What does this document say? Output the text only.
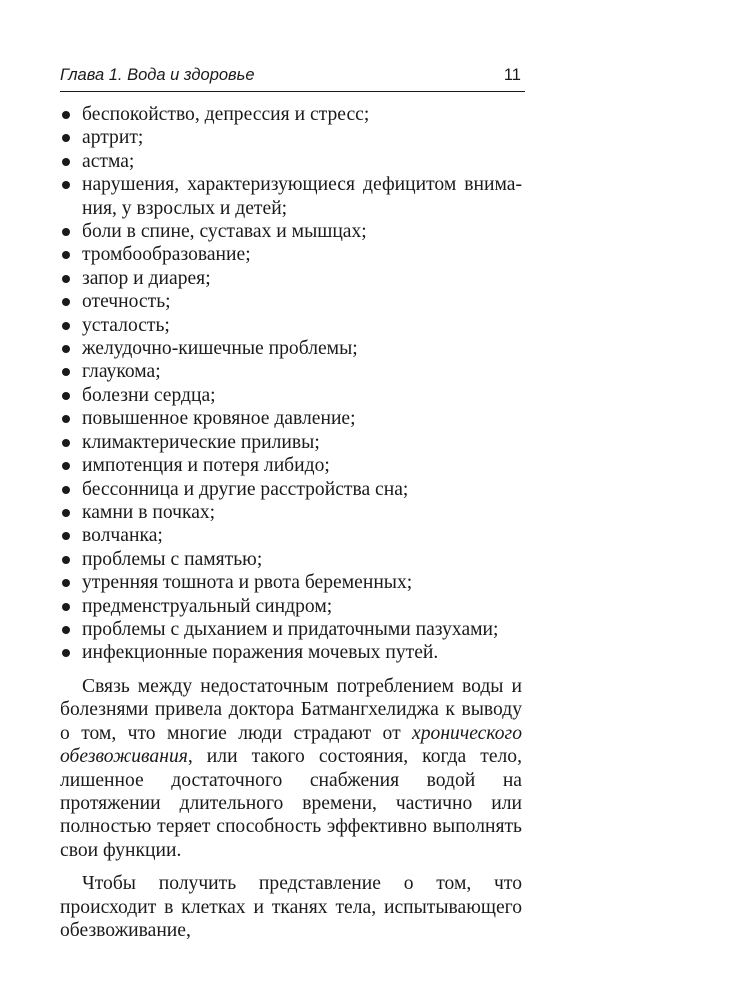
Глава 1. Вода и здоровье	11
беспокойство, депрессия и стресс;
артрит;
астма;
нарушения, характеризующиеся дефицитом внима-
ния, у взрослых и детей;
боли в спине, суставах и мышцах;
тромбообразование;
запор и диарея;
отечность;
усталость;
желудочно-кишечные проблемы;
глаукома;
болезни сердца;
повышенное кровяное давление;
климактерические приливы;
импотенция и потеря либидо;
бессонница и другие расстройства сна;
камни в почках;
волчанка;
проблемы с памятью;
утренняя тошнота и рвота беременных;
предменструальный синдром;
проблемы с дыханием и придаточными пазухами;
инфекционные поражения мочевых путей.

Связь между недостаточным потреблением воды и болезнями привела доктора Батмангхелиджа к выводу о том, что многие люди страдают от хронического обезвоживания, или такого состояния, когда тело, лишенное достаточного снабжения водой на протяжении длительного времени, частично или полностью теряет способность эффективно выполнять свои функции.

Чтобы получить представление о том, что происходит в клетках и тканях тела, испытывающего обезвоживание,
